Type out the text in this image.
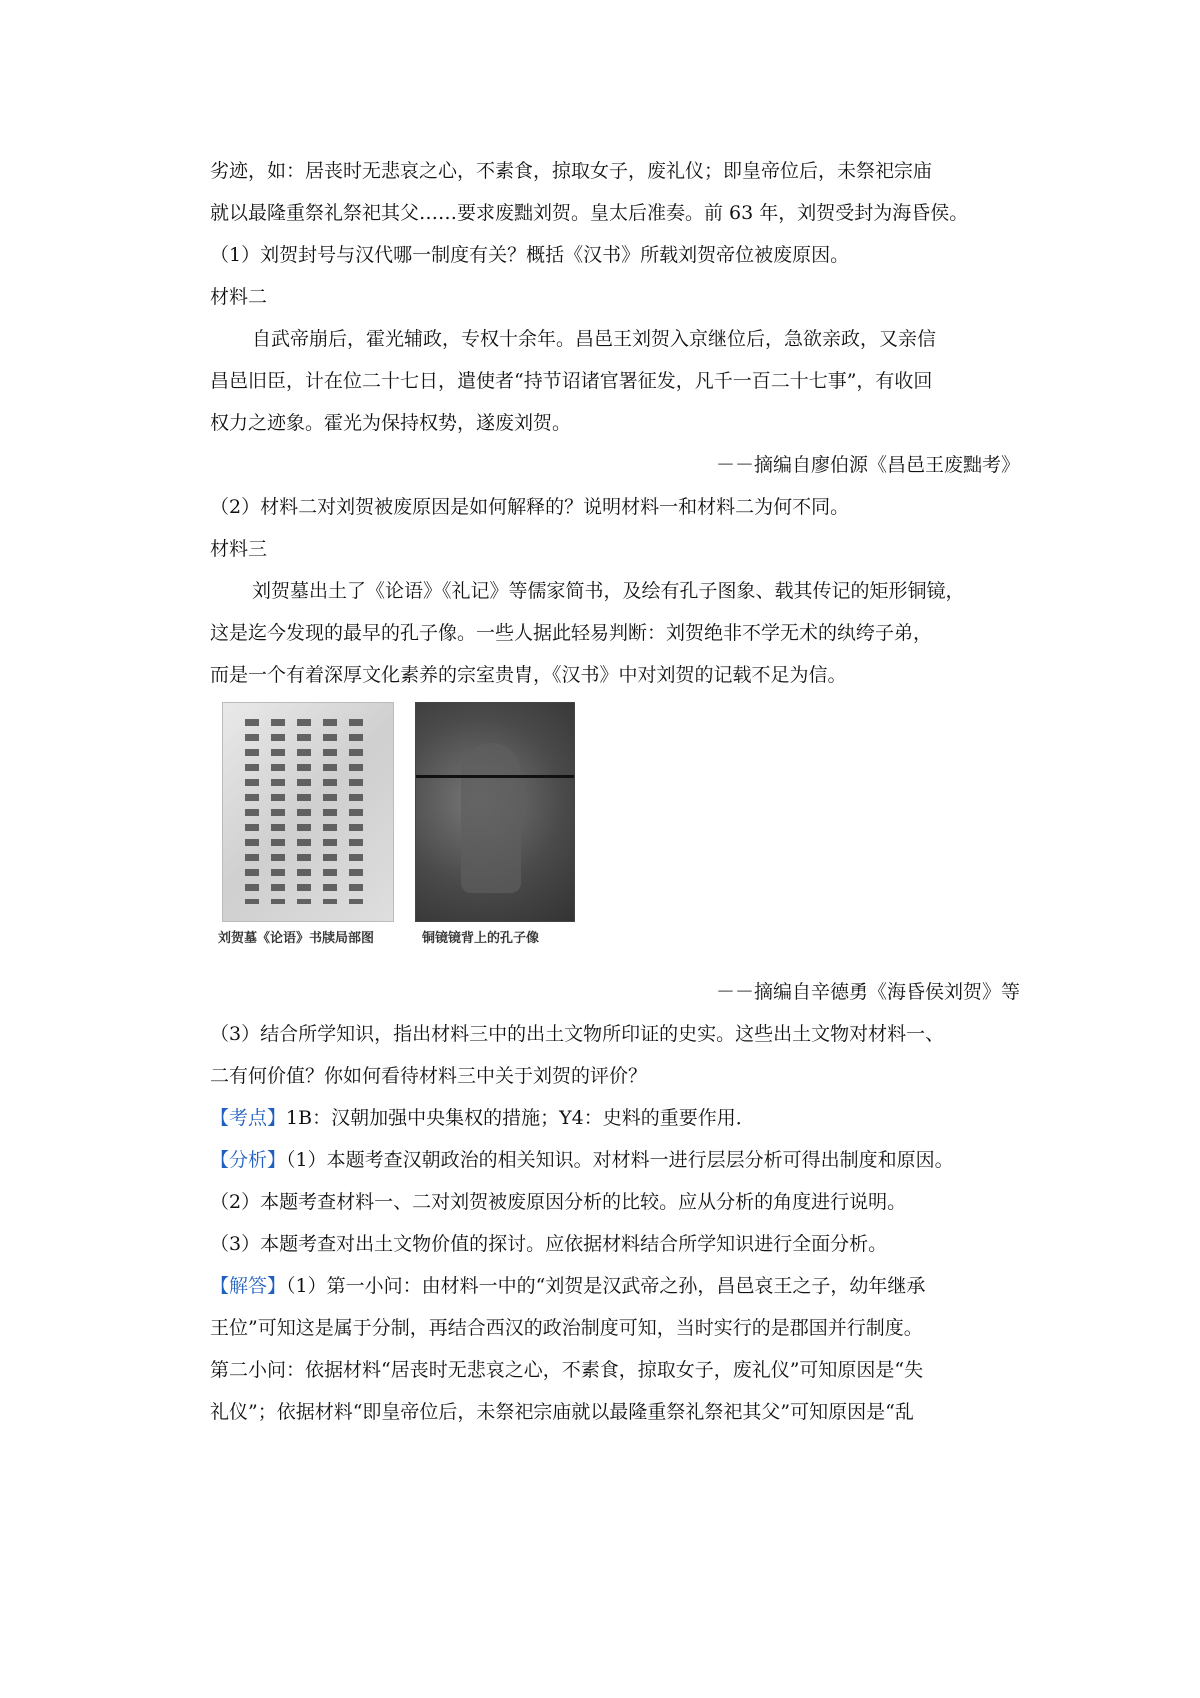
劣迹，如：居丧时无悲哀之心，不素食，掠取女子，废礼仪；即皇帝位后，未祭祀宗庙
就以最隆重祭礼祭祀其父……要求废黜刘贺。皇太后准奏。前 63 年，刘贺受封为海昏侯。
（1）刘贺封号与汉代哪一制度有关？概括《汉书》所载刘贺帝位被废原因。
材料二
自武帝崩后，霍光辅政，专权十余年。昌邑王刘贺入京继位后，急欲亲政，又亲信
昌邑旧臣，计在位二十七日，遣使者“持节诏诸官署征发，凡千一百二十七事”，有收回
权力之迹象。霍光为保持权势，遂废刘贺。
－－摘编自廖伯源《昌邑王废黜考》
（2）材料二对刘贺被废原因是如何解释的？说明材料一和材料二为何不同。
材料三
刘贺墓出土了《论语》《礼记》等儒家简书，及绘有孔子图象、载其传记的矩形铜镜，
这是迄今发现的最早的孔子像。一些人据此轻易判断：刘贺绝非不学无术的纨绔子弟，
而是一个有着深厚文化素养的宗室贵胄，《汉书》中对刘贺的记载不足为信。
刘贺墓《论语》书牍局部图	铜镜镜背上的孔子像
－－摘编自辛德勇《海昏侯刘贺》等
（3）结合所学知识，指出材料三中的出土文物所印证的史实。这些出土文物对材料一、
二有何价值？你如何看待材料三中关于刘贺的评价？
【考点】1B：汉朝加强中央集权的措施；Y4：史料的重要作用．
【分析】（1）本题考查汉朝政治的相关知识。对材料一进行层层分析可得出制度和原因。
（2）本题考查材料一、二对刘贺被废原因分析的比较。应从分析的角度进行说明。
（3）本题考查对出土文物价值的探讨。应依据材料结合所学知识进行全面分析。
【解答】（1）第一小问：由材料一中的“刘贺是汉武帝之孙，昌邑哀王之子，幼年继承
王位”可知这是属于分制，再结合西汉的政治制度可知，当时实行的是郡国并行制度。
第二小问：依据材料“居丧时无悲哀之心，不素食，掠取女子，废礼仪”可知原因是“失
礼仪”；依据材料“即皇帝位后，未祭祀宗庙就以最隆重祭礼祭祀其父”可知原因是“乱
